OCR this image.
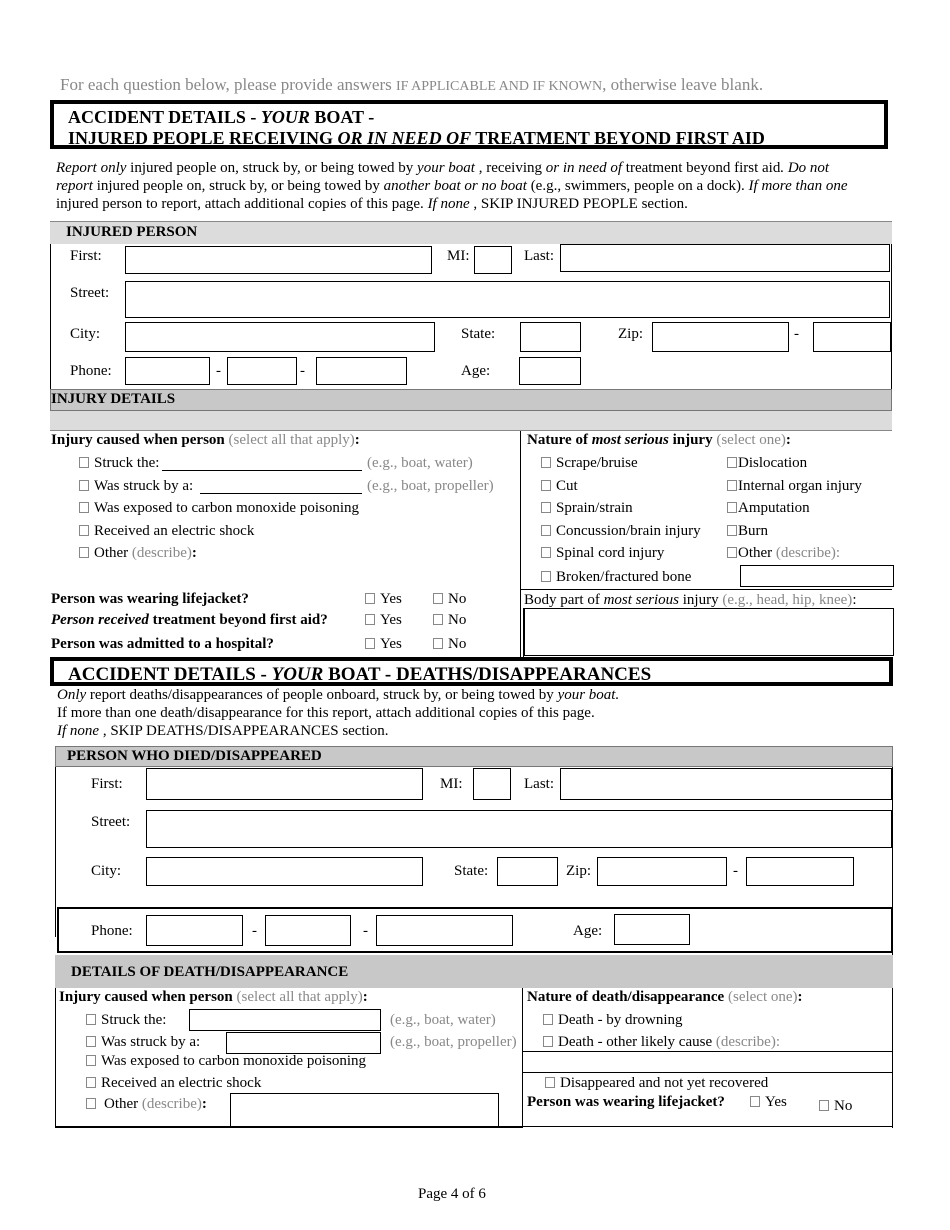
For each question below, please provide answers IF APPLICABLE AND IF KNOWN, otherwise leave blank.
ACCIDENT DETAILS - YOUR BOAT -
INJURED PEOPLE RECEIVING OR IN NEED OF TREATMENT BEYOND FIRST AID
Report only injured people on, struck by, or being towed by your boat , receiving or in need of treatment beyond first aid. Do not
report injured people on, struck by, or being towed by another boat or no boat (e.g., swimmers, people on a dock). If more than one
injured person to report, attach additional copies of this page. If none , SKIP INJURED PEOPLE section.
INJURED PERSON
First:	MI:	Last:
Street:
City:	State:	Zip:	-
Phone:	-	-	Age:
INJURY DETAILS
Injury caused when person (select all that apply):
Struck the:	(e.g., boat, water)
Was struck by a:	(e.g., boat, propeller)
Was exposed to carbon monoxide poisoning
Received an electric shock
Other (describe):
Nature of most serious injury (select one):
Scrape/bruise
Cut
Sprain/strain
Concussion/brain injury
Spinal cord injury
Broken/fractured bone
Dislocation
Internal organ injury
Amputation
Burn
Other (describe):
Person was wearing lifejacket?	Yes	No
Person received treatment beyond first aid?	Yes	No
Person was admitted to a hospital?	Yes	No
Body part of most serious injury (e.g., head, hip, knee):
ACCIDENT DETAILS - YOUR BOAT - DEATHS/DISAPPEARANCES
Only report deaths/disappearances of people onboard, struck by, or being towed by your boat.
If more than one death/disappearance for this report, attach additional copies of this page.
If none , SKIP DEATHS/DISAPPEARANCES section.
PERSON WHO DIED/DISAPPEARED
First:	MI:	Last:
Street:
City:	State:	Zip:	-
Phone:	-	-	Age:
DETAILS OF DEATH/DISAPPEARANCE
Injury caused when person (select all that apply):
Struck the:	(e.g., boat, water)
Was struck by a:	(e.g., boat, propeller)
Was exposed to carbon monoxide poisoning
Received an electric shock
Other (describe):
Nature of death/disappearance (select one):
Death - by drowning
Death - other likely cause (describe):
Disappeared and not yet recovered
Person was wearing lifejacket?	Yes	No
Page 4 of 6
